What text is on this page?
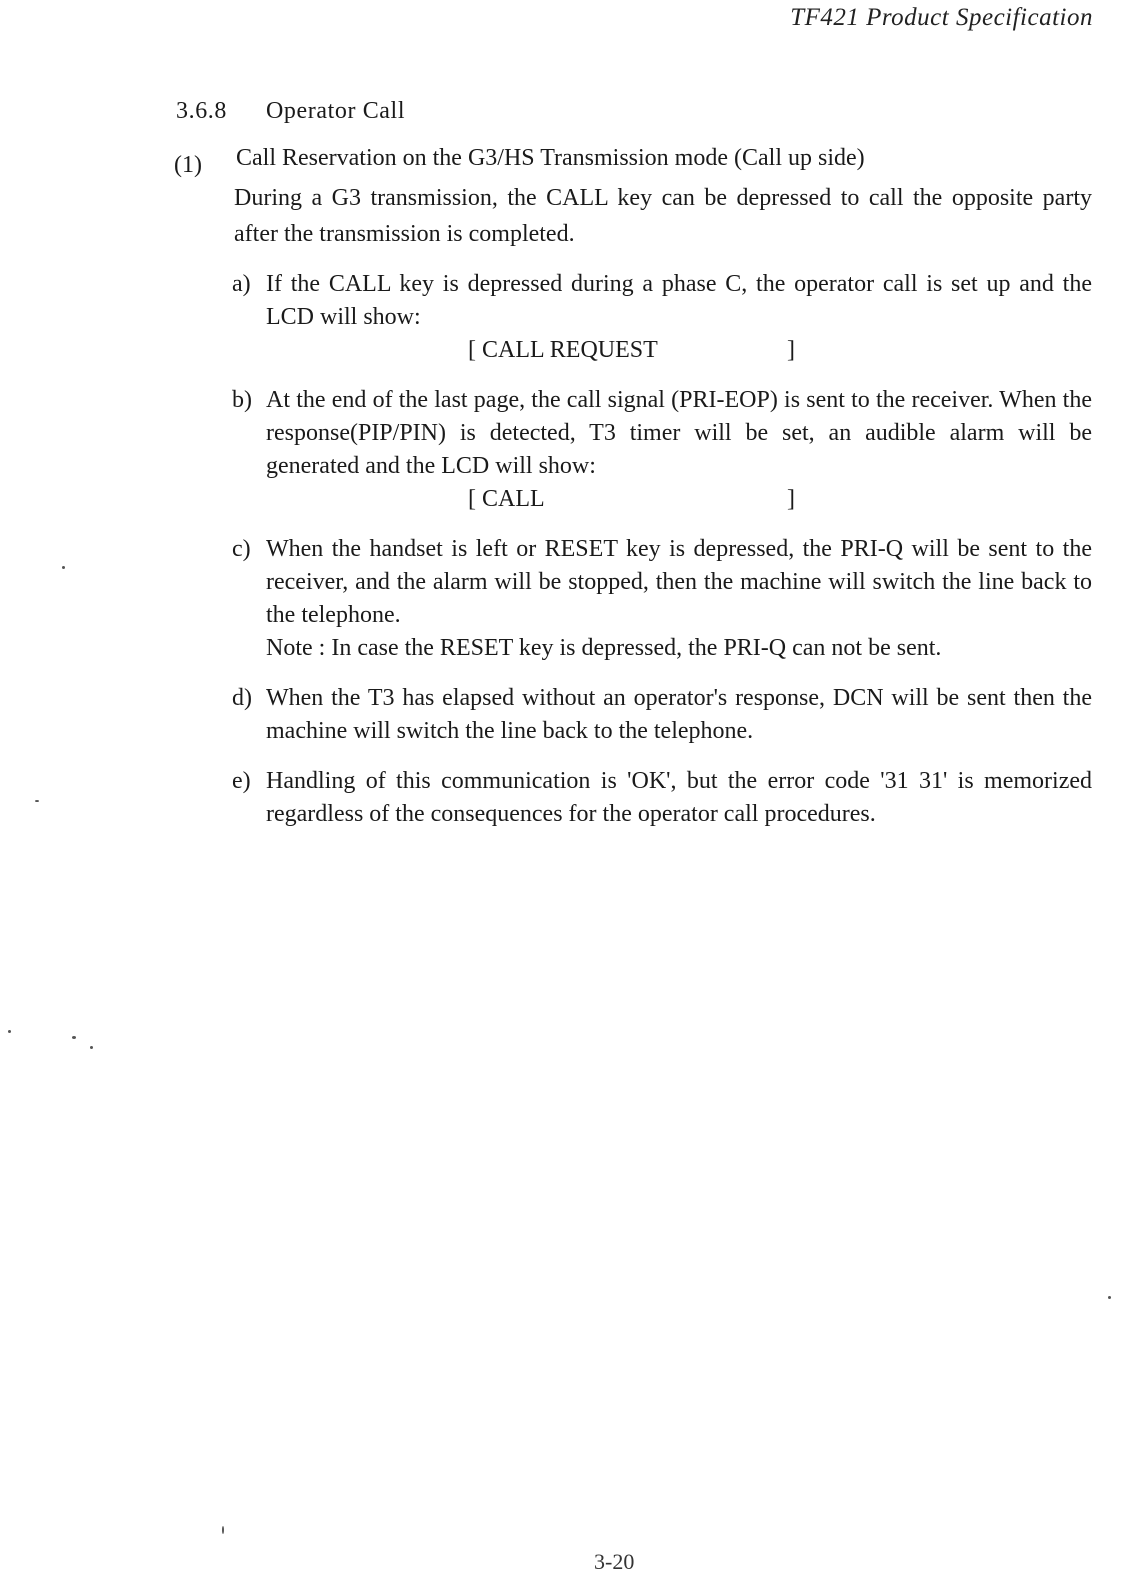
TF421 Product Specification
3.6.8 Operator Call
(1) Call Reservation on the G3/HS Transmission mode (Call up side)
During a G3 transmission, the CALL key can be depressed to call the opposite party after the transmission is completed.
a) If the CALL key is depressed during a phase C, the operator call is set up and the LCD will show:
[ CALL REQUEST	]
b) At the end of the last page, the call signal (PRI-EOP) is sent to the receiver. When the response(PIP/PIN) is detected, T3 timer will be set, an audible alarm will be generated and the LCD will show:
[ CALL	]
c) When the handset is left or RESET key is depressed, the PRI-Q will be sent to the receiver, and the alarm will be stopped, then the machine will switch the line back to the telephone.
Note : In case the RESET key is depressed, the PRI-Q can not be sent.
d) When the T3 has elapsed without an operator's response, DCN will be sent then the machine will switch the line back to the telephone.
e) Handling of this communication is 'OK', but the error code '31 31' is memorized regardless of the consequences for the operator call procedures.
3-20
